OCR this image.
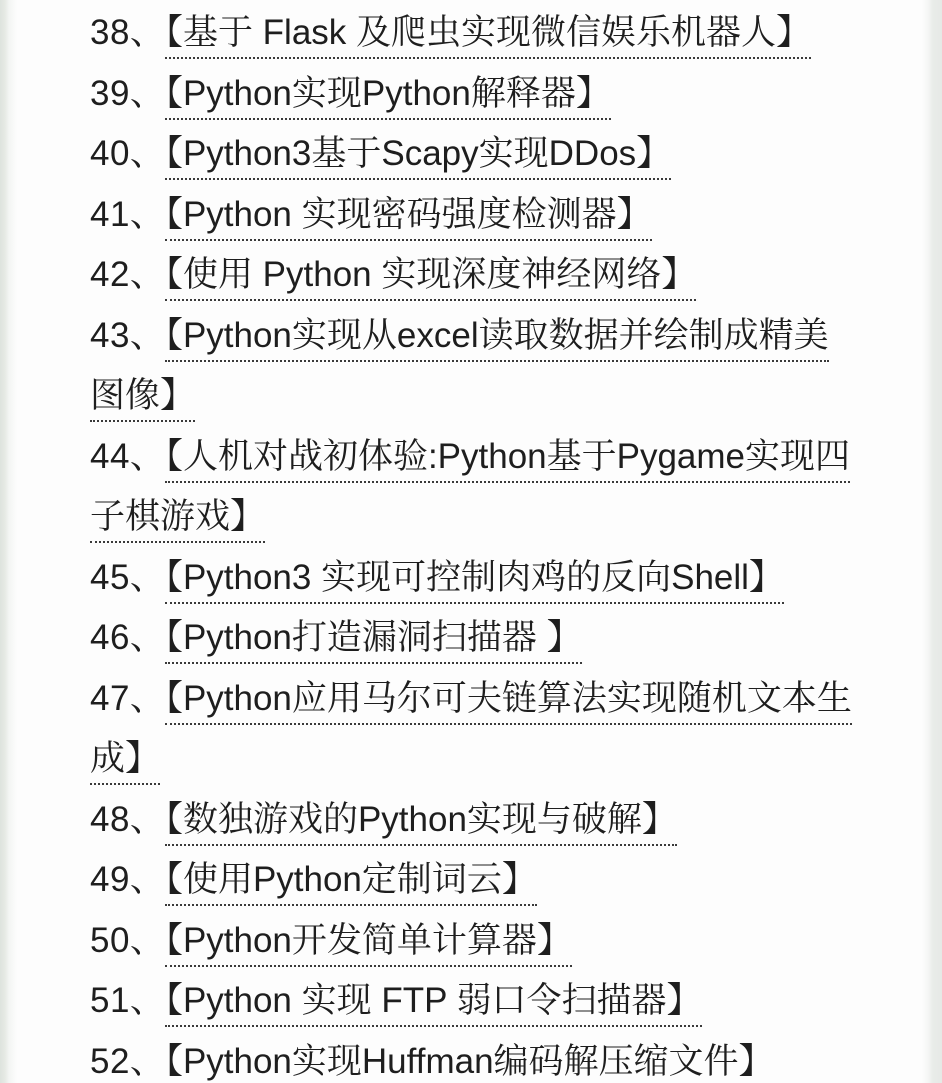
38、【基于 Flask 及爬虫实现微信娱乐机器人】
39、【Python实现Python解释器】
40、【Python3基于Scapy实现DDos】
41、【Python 实现密码强度检测器】
42、【使用 Python 实现深度神经网络】
43、【Python实现从excel读取数据并绘制成精美
图像】
44、【人机对战初体验:Python基于Pygame实现四
子棋游戏】
45、【Python3 实现可控制肉鸡的反向Shell】
46、【Python打造漏洞扫描器 】
47、【Python应用马尔可夫链算法实现随机文本生
成】
48、【数独游戏的Python实现与破解】
49、【使用Python定制词云】
50、【Python开发简单计算器】
51、【Python 实现 FTP 弱口令扫描器】
52、【Python实现Huffman编码解压缩文件】
